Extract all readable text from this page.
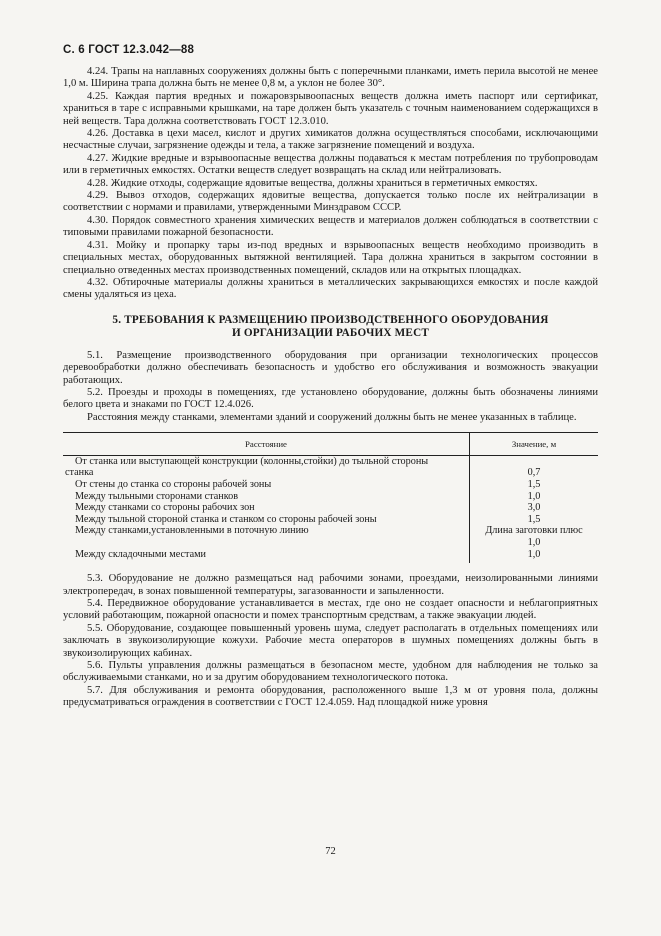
С. 6 ГОСТ 12.3.042—88

4.24. Трапы на наплавных сооружениях должны быть с поперечными планками, иметь перила высотой не менее 1,0 м. Ширина трапа должна быть не менее 0,8 м, а уклон не более 30°.

4.25. Каждая партия вредных и пожаровзрывоопасных веществ должна иметь паспорт или сертификат, храниться в таре с исправными крышками, на таре должен быть указатель с точным наименованием содержащихся в ней веществ. Тара должна соответствовать ГОСТ 12.3.010.

4.26. Доставка в цехи масел, кислот и других химикатов должна осуществляться способами, исключающими несчастные случаи, загрязнение одежды и тела, а также загрязнение помещений и воздуха.

4.27. Жидкие вредные и взрывоопасные вещества должны подаваться к местам потребления по трубопроводам или в герметичных емкостях. Остатки веществ следует возвращать на склад или нейтрализовать.

4.28. Жидкие отходы, содержащие ядовитые вещества, должны храниться в герметичных емкостях.

4.29. Вывоз отходов, содержащих ядовитые вещества, допускается только после их нейтрализации в соответствии с нормами и правилами, утвержденными Минздравом СССР.

4.30. Порядок совместного хранения химических веществ и материалов должен соблюдаться в соответствии с типовыми правилами пожарной безопасности.

4.31. Мойку и пропарку тары из-под вредных и взрывоопасных веществ необходимо производить в специальных местах, оборудованных вытяжной вентиляцией. Тара должна храниться в закрытом состоянии в специально отведенных местах производственных помещений, складов или на открытых площадках.

4.32. Обтирочные материалы должны храниться в металлических закрывающихся емкостях и после каждой смены удаляться из цеха.

5. ТРЕБОВАНИЯ К РАЗМЕЩЕНИЮ ПРОИЗВОДСТВЕННОГО ОБОРУДОВАНИЯ
И ОРГАНИЗАЦИИ РАБОЧИХ МЕСТ

5.1. Размещение производственного оборудования при организации технологических процессов деревообработки должно обеспечивать безопасность и удобство его обслуживания и возможность эвакуации работающих.

5.2. Проезды и проходы в помещениях, где установлено оборудование, должны быть обозначены линиями белого цвета и знаками по ГОСТ 12.4.026.

Расстояния между станками, элементами зданий и сооружений должны быть не менее указанных в таблице.

Расстояние	Значение, м
От станка или выступающей конструкции (колонны,стойки) до тыльной стороны	
станка	0,7
От стены до станка со стороны рабочей зоны	1,5
Между тыльными сторонами станков	1,0
Между станками со стороны рабочих зон	3,0
Между тыльной стороной станка и станком со стороны рабочей зоны	1,5
Между станками,установленными в поточную линию	Длина заготовки плюс
	1,0
Между складочными местами	1,0

5.3. Оборудование не должно размещаться над рабочими зонами, проездами, неизолированными линиями электропередач, в зонах повышенной температуры, загазованности и запыленности.

5.4. Передвижное оборудование устанавливается в местах, где оно не создает опасности и неблагоприятных условий работающим, пожарной опасности и помех транспортным средствам, а также эвакуации людей.

5.5. Оборудование, создающее повышенный уровень шума, следует располагать в отдельных помещениях или заключать в звукоизолирующие кожухи. Рабочие места операторов в шумных помещениях должны быть в звукоизолирующих кабинах.

5.6. Пульты управления должны размещаться в безопасном месте, удобном для наблюдения не только за обслуживаемыми станками, но и за другим оборудованием технологического потока.

5.7. Для обслуживания и ремонта оборудования, расположенного выше 1,3 м от уровня пола, должны предусматриваться ограждения в соответствии с ГОСТ 12.4.059. Над площадкой ниже уровня

72
